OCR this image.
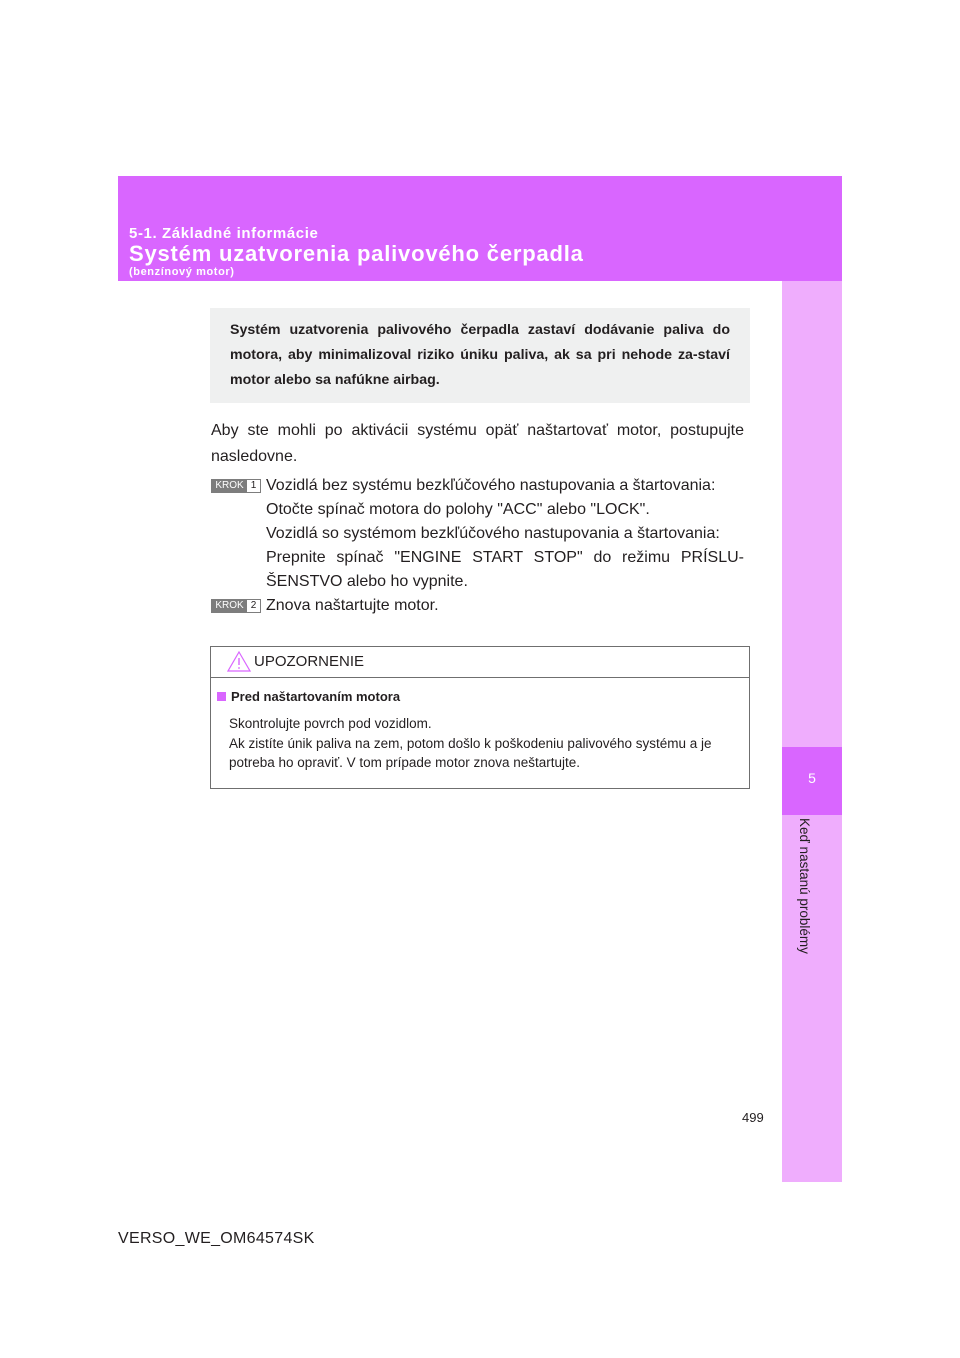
5
Keď nastanú problémy
5-1. Základné informácie
Systém uzatvorenia palivového čerpadla
(benzínový motor)
Systém uzatvorenia palivového čerpadla zastaví dodávanie paliva do motora, aby minimalizoval riziko úniku paliva, ak sa pri nehode za-staví motor alebo sa nafúkne airbag.
Aby ste mohli po aktivácii systému opäť naštartovať motor, postupujte nasledovne.
KROK 1 Vozidlá bez systému bezkľúčového nastupovania a štartovania:
Otočte spínač motora do polohy "ACC" alebo "LOCK".
Vozidlá so systémom bezkľúčového nastupovania a štartovania:
Prepnite spínač "ENGINE START STOP" do režimu PRÍSLU-ŠENSTVO alebo ho vypnite.
KROK 2 Znova naštartujte motor.
UPOZORNENIE
Pred naštartovaním motora
Skontrolujte povrch pod vozidlom.
Ak zistíte únik paliva na zem, potom došlo k poškodeniu palivového systému a je potreba ho opraviť. V tom prípade motor znova neštartujte.
499
VERSO_WE_OM64574SK
